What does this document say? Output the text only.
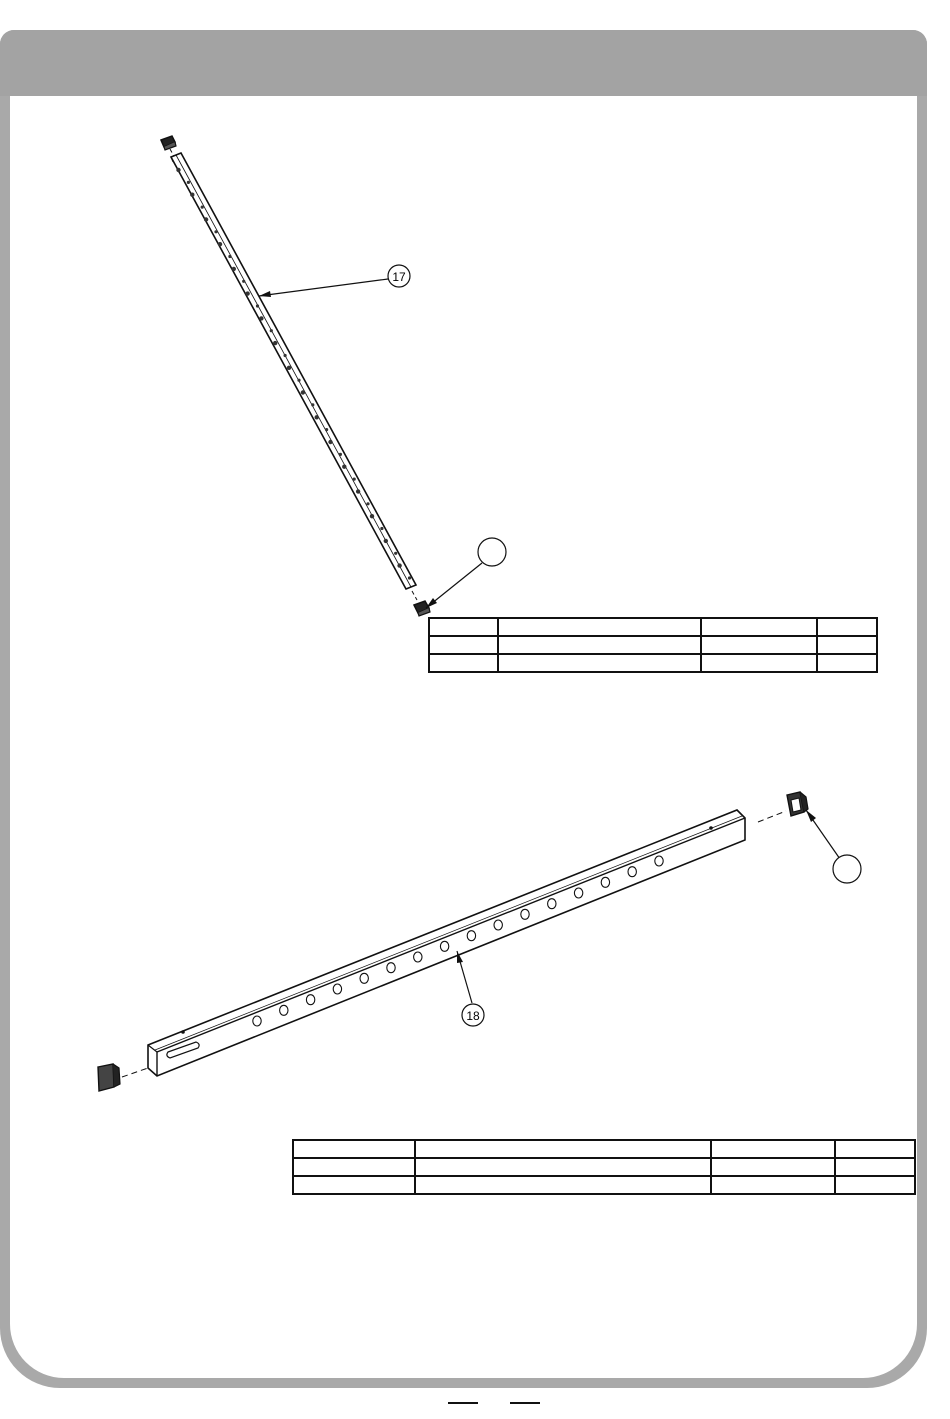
17
18
